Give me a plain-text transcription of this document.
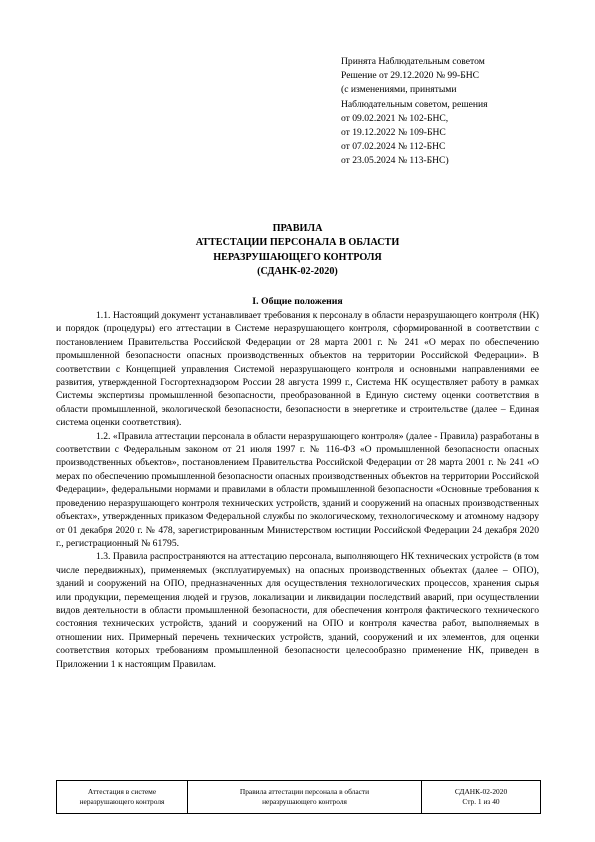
Принята Наблюдательным советом
Решение от 29.12.2020 № 99-БНС
(с изменениями, принятыми
Наблюдательным советом, решения
от 09.02.2021 № 102-БНС,
от 19.12.2022 № 109-БНС
от 07.02.2024 № 112-БНС
от 23.05.2024 № 113-БНС)
ПРАВИЛА
АТТЕСТАЦИИ ПЕРСОНАЛА В ОБЛАСТИ
НЕРАЗРУШАЮЩЕГО КОНТРОЛЯ
(СДАНК-02-2020)
I. Общие положения

1.1. Настоящий документ устанавливает требования к персоналу в области неразрушающего контроля (НК) и порядок (процедуры) его аттестации в Системе неразрушающего контроля, сформированной в соответствии с постановлением Правительства Российской Федерации от 28 марта 2001 г. № 241 «О мерах по обеспечению промышленной безопасности опасных производственных объектов на территории Российской Федерации». В соответствии с Концепцией управления Системой неразрушающего контроля и основными направлениями ее развития, утвержденной Госгортехнадзором России 28 августа 1999 г., Система НК осуществляет работу в рамках Системы экспертизы промышленной безопасности, преобразованной в Единую систему оценки соответствия в области промышленной, экологической безопасности, безопасности в энергетике и строительстве (далее – Единая система оценки соответствия).

1.2. «Правила аттестации персонала в области неразрушающего контроля» (далее - Правила) разработаны в соответствии с Федеральным законом от 21 июля 1997 г. № 116-ФЗ «О промышленной безопасности опасных производственных объектов», постановлением Правительства Российской Федерации от 28 марта 2001 г. № 241 «О мерах по обеспечению промышленной безопасности опасных производственных объектов на территории Российской Федерации», федеральными нормами и правилами в области промышленной безопасности «Основные требования к проведению неразрушающего контроля технических устройств, зданий и сооружений на опасных производственных объектах», утвержденных приказом Федеральной службы по экологическому, технологическому и атомному надзору от 01 декабря 2020 г. № 478, зарегистрированным Министерством юстиции Российской Федерации 24 декабря 2020 г., регистрационный № 61795.

1.3. Правила распространяются на аттестацию персонала, выполняющего НК технических устройств (в том числе передвижных), применяемых (эксплуатируемых) на опасных производственных объектах (далее – ОПО), зданий и сооружений на ОПО, предназначенных для осуществления технологических процессов, хранения сырья или продукции, перемещения людей и грузов, локализации и ликвидации последствий аварий, при осуществлении видов деятельности в области промышленной безопасности, для обеспечения контроля фактического технического состояния технических устройств, зданий и сооружений на ОПО и контроля качества работ, выполняемых в отношении них. Примерный перечень технических устройств, зданий, сооружений и их элементов, для оценки соответствия которых требованиям промышленной безопасности целесообразно применение НК, приведен в Приложении 1 к настоящим Правилам.

Аттестация в системе
неразрушающего контроля
Правила аттестации персонала в области
неразрушающего контроля
СДАНК-02-2020
Стр. 1 из 40
